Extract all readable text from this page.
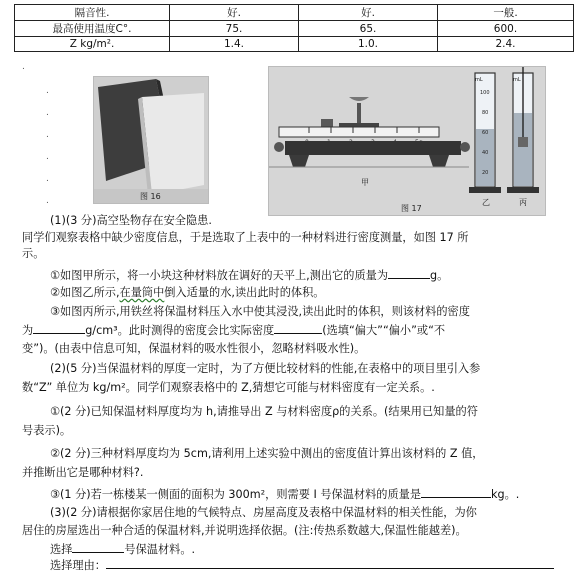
隔音性.	好.	好.	一般.
最高使用温度C°.	75.	65.	600.
Z kg/m².	1.4.	1.0.	2.4.
图 16
甲
mL
100
80
60
40
20
乙
mL
丙
图 17
.
.
.
.
.
.
.
(1)(3 分)高空坠物存在安全隐患.
同学们观察表格中缺少密度信息，于是选取了上表中的一种材料进行密度测量，如图 17 所
示。
①如图甲所示，将一小块这种材料放在调好的天平上,测出它的质量为	g。
②如图乙所示,在量筒中倒入适量的水,读出此时的体积。
③如图丙所示,用铁丝将保温材料压入水中使其浸没,读出此时的体积，则该材料的密度
为	g/cm³。此时测得的密度会比实际密度	(选填“偏大”“偏小”或“不
变”)。(由表中信息可知，保温材料的吸水性很小，忽略材料吸水性)。
(2)(5 分)当保温材料的厚度一定时，为了方便比较材料的性能,在表格中的项目里引入参
数“Z” 单位为 kg/m²。同学们观察表格中的 Z,猜想它可能与材料密度有一定关系。.
①(2 分)已知保温材料厚度均为 h,请推导出 Z 与材料密度ρ的关系。(结果用已知量的符
号表示)。
②(2 分)三种材料厚度均为 5cm,请利用上述实验中测出的密度值计算出该材料的 Z 值，
并推断出它是哪种材料?.
③(1 分)若一栋楼某一侧面的面积为 300m²，则需要 I 号保温材料的质量是	kg。.
(3)(2 分)请根据你家居住地的气候特点、房屋高度及表格中保温材料的相关性能，为你
居住的房屋选出一种合适的保温材料,并说明选择依据。(注:传热系数越大,保温性能越差)。
选择	号保温材料。.
选择理由：
